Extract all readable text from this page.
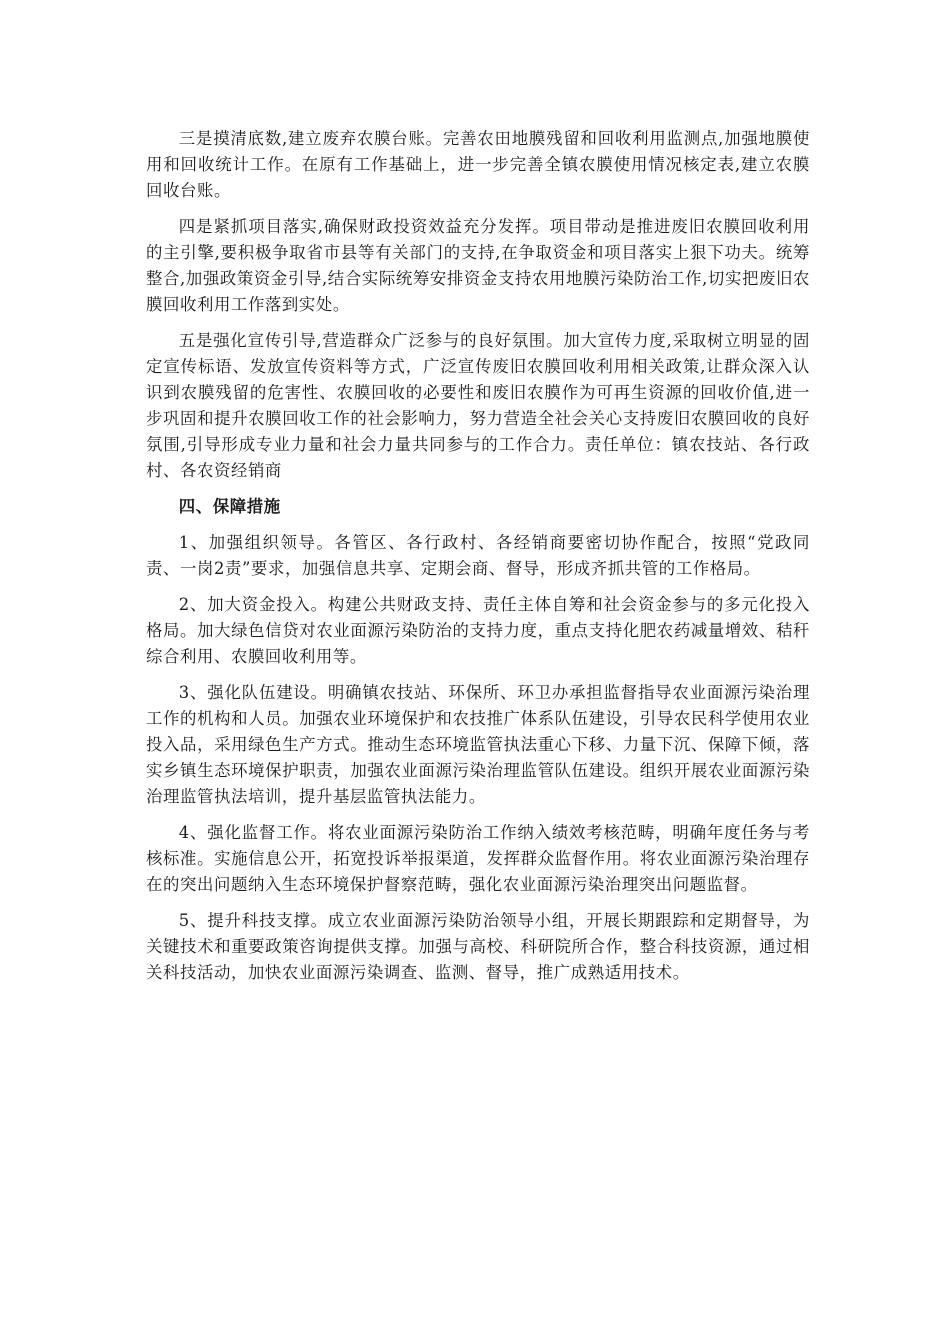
三是摸清底数,建立废弃农膜台账。完善农田地膜残留和回收利用监测点,加强地膜使用和回收统计工作。在原有工作基础上，进一步完善全镇农膜使用情况核定表,建立农膜回收台账。

四是紧抓项目落实,确保财政投资效益充分发挥。项目带动是推进废旧农膜回收利用的主引擎,要积极争取省市县等有关部门的支持,在争取资金和项目落实上狠下功夫。统筹整合,加强政策资金引导,结合实际统筹安排资金支持农用地膜污染防治工作,切实把废旧农膜回收利用工作落到实处。

五是强化宣传引导,营造群众广泛参与的良好氛围。加大宣传力度,采取树立明显的固定宣传标语、发放宣传资料等方式，广泛宣传废旧农膜回收利用相关政策,让群众深入认识到农膜残留的危害性、农膜回收的必要性和废旧农膜作为可再生资源的回收价值,进一步巩固和提升农膜回收工作的社会影响力，努力营造全社会关心支持废旧农膜回收的良好氛围,引导形成专业力量和社会力量共同参与的工作合力。责任单位：镇农技站、各行政村、各农资经销商

四、保障措施

1、加强组织领导。各管区、各行政村、各经销商要密切协作配合，按照“党政同责、一岗2责”要求，加强信息共享、定期会商、督导，形成齐抓共管的工作格局。

2、加大资金投入。构建公共财政支持、责任主体自筹和社会资金参与的多元化投入格局。加大绿色信贷对农业面源污染防治的支持力度，重点支持化肥农药减量增效、秸秆综合利用、农膜回收利用等。

3、强化队伍建设。明确镇农技站、环保所、环卫办承担监督指导农业面源污染治理工作的机构和人员。加强农业环境保护和农技推广体系队伍建设，引导农民科学使用农业投入品，采用绿色生产方式。推动生态环境监管执法重心下移、力量下沉、保障下倾，落实乡镇生态环境保护职责，加强农业面源污染治理监管队伍建设。组织开展农业面源污染治理监管执法培训，提升基层监管执法能力。

4、强化监督工作。将农业面源污染防治工作纳入绩效考核范畴，明确年度任务与考核标准。实施信息公开，拓宽投诉举报渠道，发挥群众监督作用。将农业面源污染治理存在的突出问题纳入生态环境保护督察范畴，强化农业面源污染治理突出问题监督。

5、提升科技支撑。成立农业面源污染防治领导小组，开展长期跟踪和定期督导，为关键技术和重要政策咨询提供支撑。加强与高校、科研院所合作，整合科技资源，通过相关科技活动，加快农业面源污染调查、监测、督导，推广成熟适用技术。
